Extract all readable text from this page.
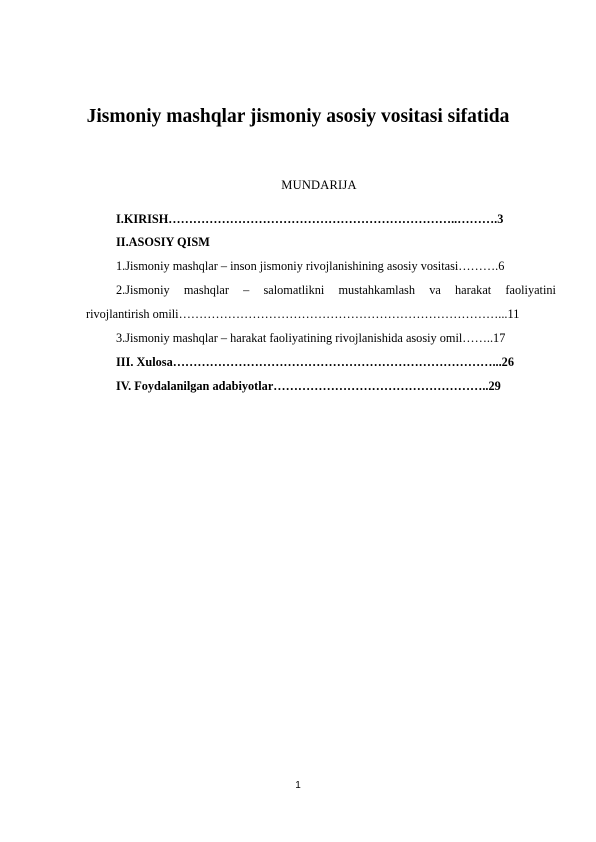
Jismoniy mashqlar jismoniy asosiy vositasi sifatida
MUNDARIJA
I.KIRISH……………………………………………………………..……….3
II.ASOSIY QISM
1.Jismoniy mashqlar – inson jismoniy rivojlanishining asosiy vositasi……….6
2.Jismoniy mashqlar – salomatlikni mustahkamlash va harakat faoliyatini
rivojlantirish omili……………………………………………………………………...11
3.Jismoniy mashqlar – harakat faoliyatining rivojlanishida asosiy omil……..17
III. Xulosa……………………………………………………………………...26
IV. Foydalanilgan adabiyotlar……………………………………………..29
1
